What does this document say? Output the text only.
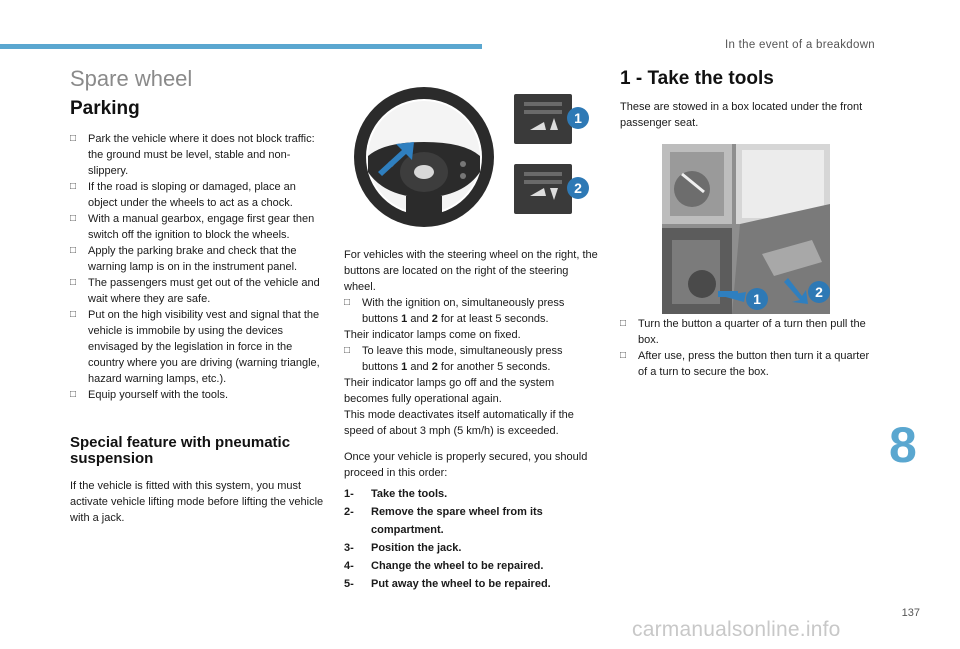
In the event of a breakdown
Spare wheel
Parking
□ Park the vehicle where it does not block traffic: the ground must be level, stable and non-slippery.
□ If the road is sloping or damaged, place an object under the wheels to act as a chock.
□ With a manual gearbox, engage first gear then switch off the ignition to block the wheels.
□ Apply the parking brake and check that the warning lamp is on in the instrument panel.
□ The passengers must get out of the vehicle and wait where they are safe.
□ Put on the high visibility vest and signal that the vehicle is immobile by using the devices envisaged by the legislation in force in the country where you are driving (warning triangle, hazard warning lamps, etc.).
□ Equip yourself with the tools.
Special feature with pneumatic suspension
If the vehicle is fitted with this system, you must activate vehicle lifting mode before lifting the vehicle with a jack.
1
2
For vehicles with the steering wheel on the right, the buttons are located on the right of the steering wheel.
□ With the ignition on, simultaneously press buttons 1 and 2 for at least 5 seconds.
Their indicator lamps come on fixed.
□ To leave this mode, simultaneously press buttons 1 and 2 for another 5 seconds.
Their indicator lamps go off and the system becomes fully operational again.
This mode deactivates itself automatically if the speed of about 3 mph (5 km/h) is exceeded.
Once your vehicle is properly secured, you should proceed in this order:
1- Take the tools.
2- Remove the spare wheel from its compartment.
3- Position the jack.
4- Change the wheel to be repaired.
5- Put away the wheel to be repaired.
1 - Take the tools
These are stowed in a box located under the front passenger seat.
1	2
□ Turn the button a quarter of a turn then pull the box.
□ After use, press the button then turn it a quarter of a turn to secure the box.
8
137
carmanualsonline.info
